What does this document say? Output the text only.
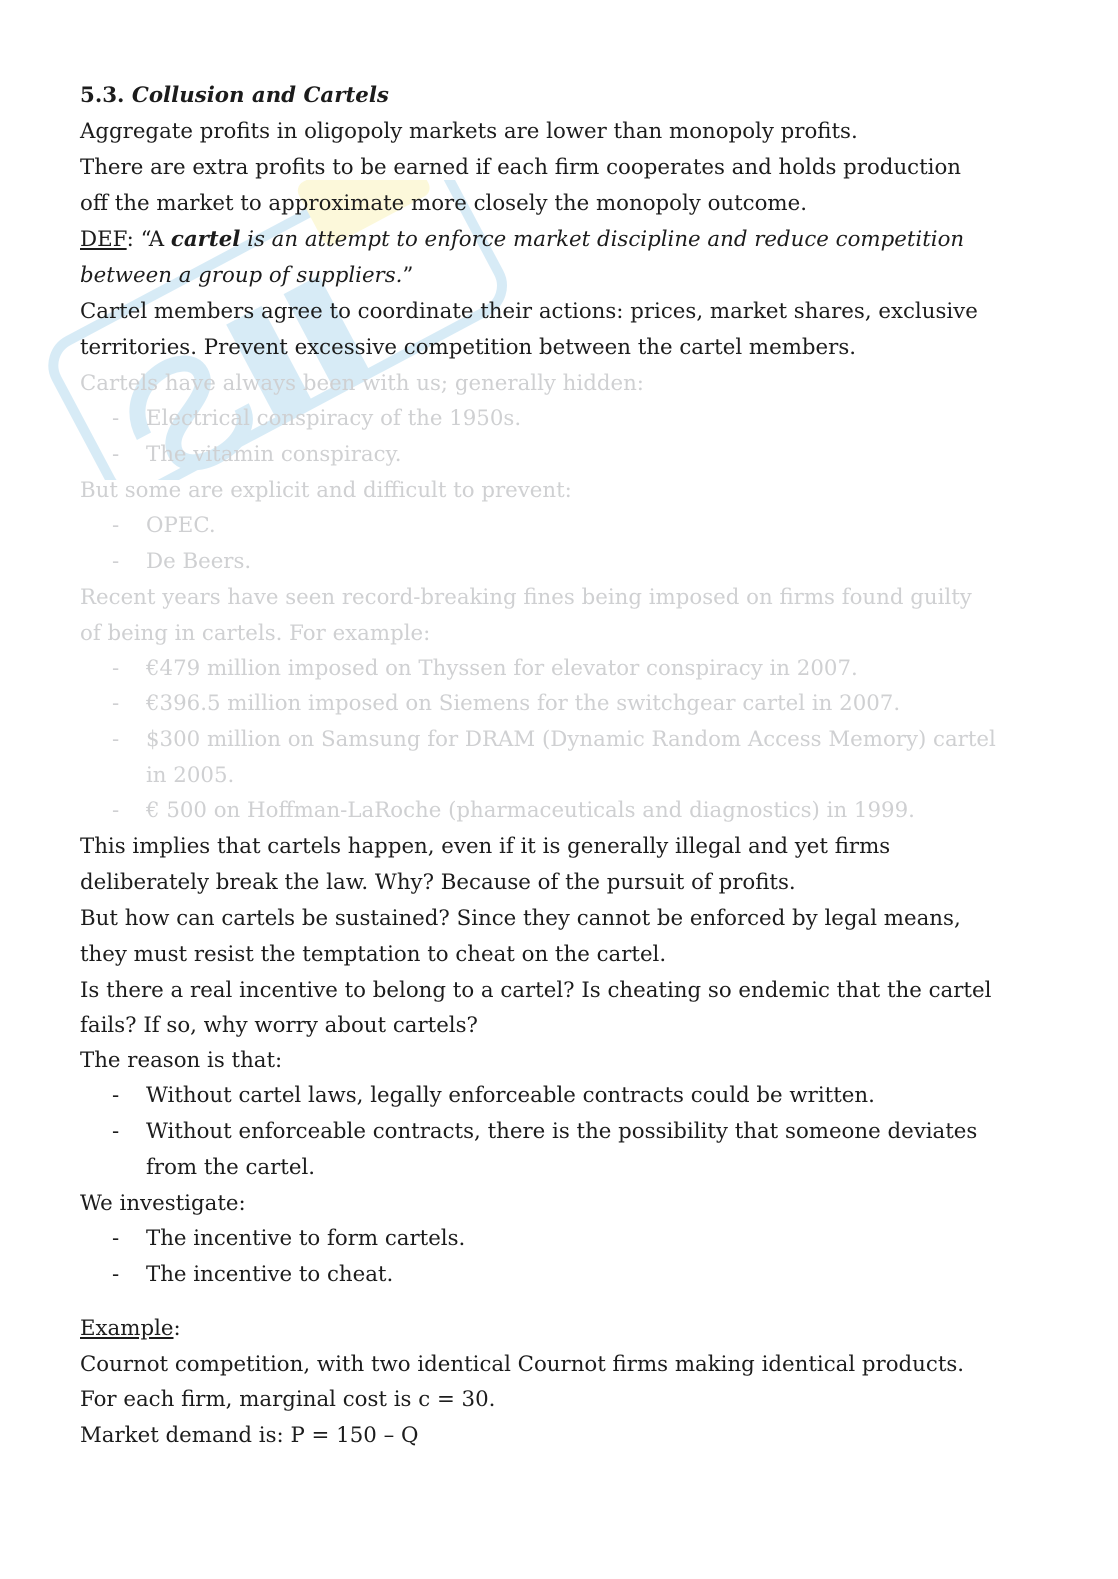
5.3. Collusion and Cartels
Aggregate profits in oligopoly markets are lower than monopoly profits.
There are extra profits to be earned if each firm cooperates and holds production
off the market to approximate more closely the monopoly outcome.
DEF: “A cartel is an attempt to enforce market discipline and reduce competition
between a group of suppliers.”
Cartel members agree to coordinate their actions: prices, market shares, exclusive
territories. Prevent excessive competition between the cartel members.
Cartels have always been with us; generally hidden:
- Electrical conspiracy of the 1950s.
- The vitamin conspiracy.
But some are explicit and difficult to prevent:
- OPEC.
- De Beers.
Recent years have seen record-breaking fines being imposed on firms found guilty
of being in cartels. For example:
- €479 million imposed on Thyssen for elevator conspiracy in 2007.
- €396.5 million imposed on Siemens for the switchgear cartel in 2007.
- $300 million on Samsung for DRAM (Dynamic Random Access Memory) cartel
in 2005.
- € 500 on Hoffman-LaRoche (pharmaceuticals and diagnostics) in 1999.
This implies that cartels happen, even if it is generally illegal and yet firms
deliberately break the law. Why? Because of the pursuit of profits.
But how can cartels be sustained? Since they cannot be enforced by legal means,
they must resist the temptation to cheat on the cartel.
Is there a real incentive to belong to a cartel? Is cheating so endemic that the cartel
fails? If so, why worry about cartels?
The reason is that:
- Without cartel laws, legally enforceable contracts could be written.
- Without enforceable contracts, there is the possibility that someone deviates
from the cartel.
We investigate:
- The incentive to form cartels.
- The incentive to cheat.
Example:
Cournot competition, with two identical Cournot firms making identical products.
For each firm, marginal cost is c = 30.
Market demand is: P = 150 – Q
